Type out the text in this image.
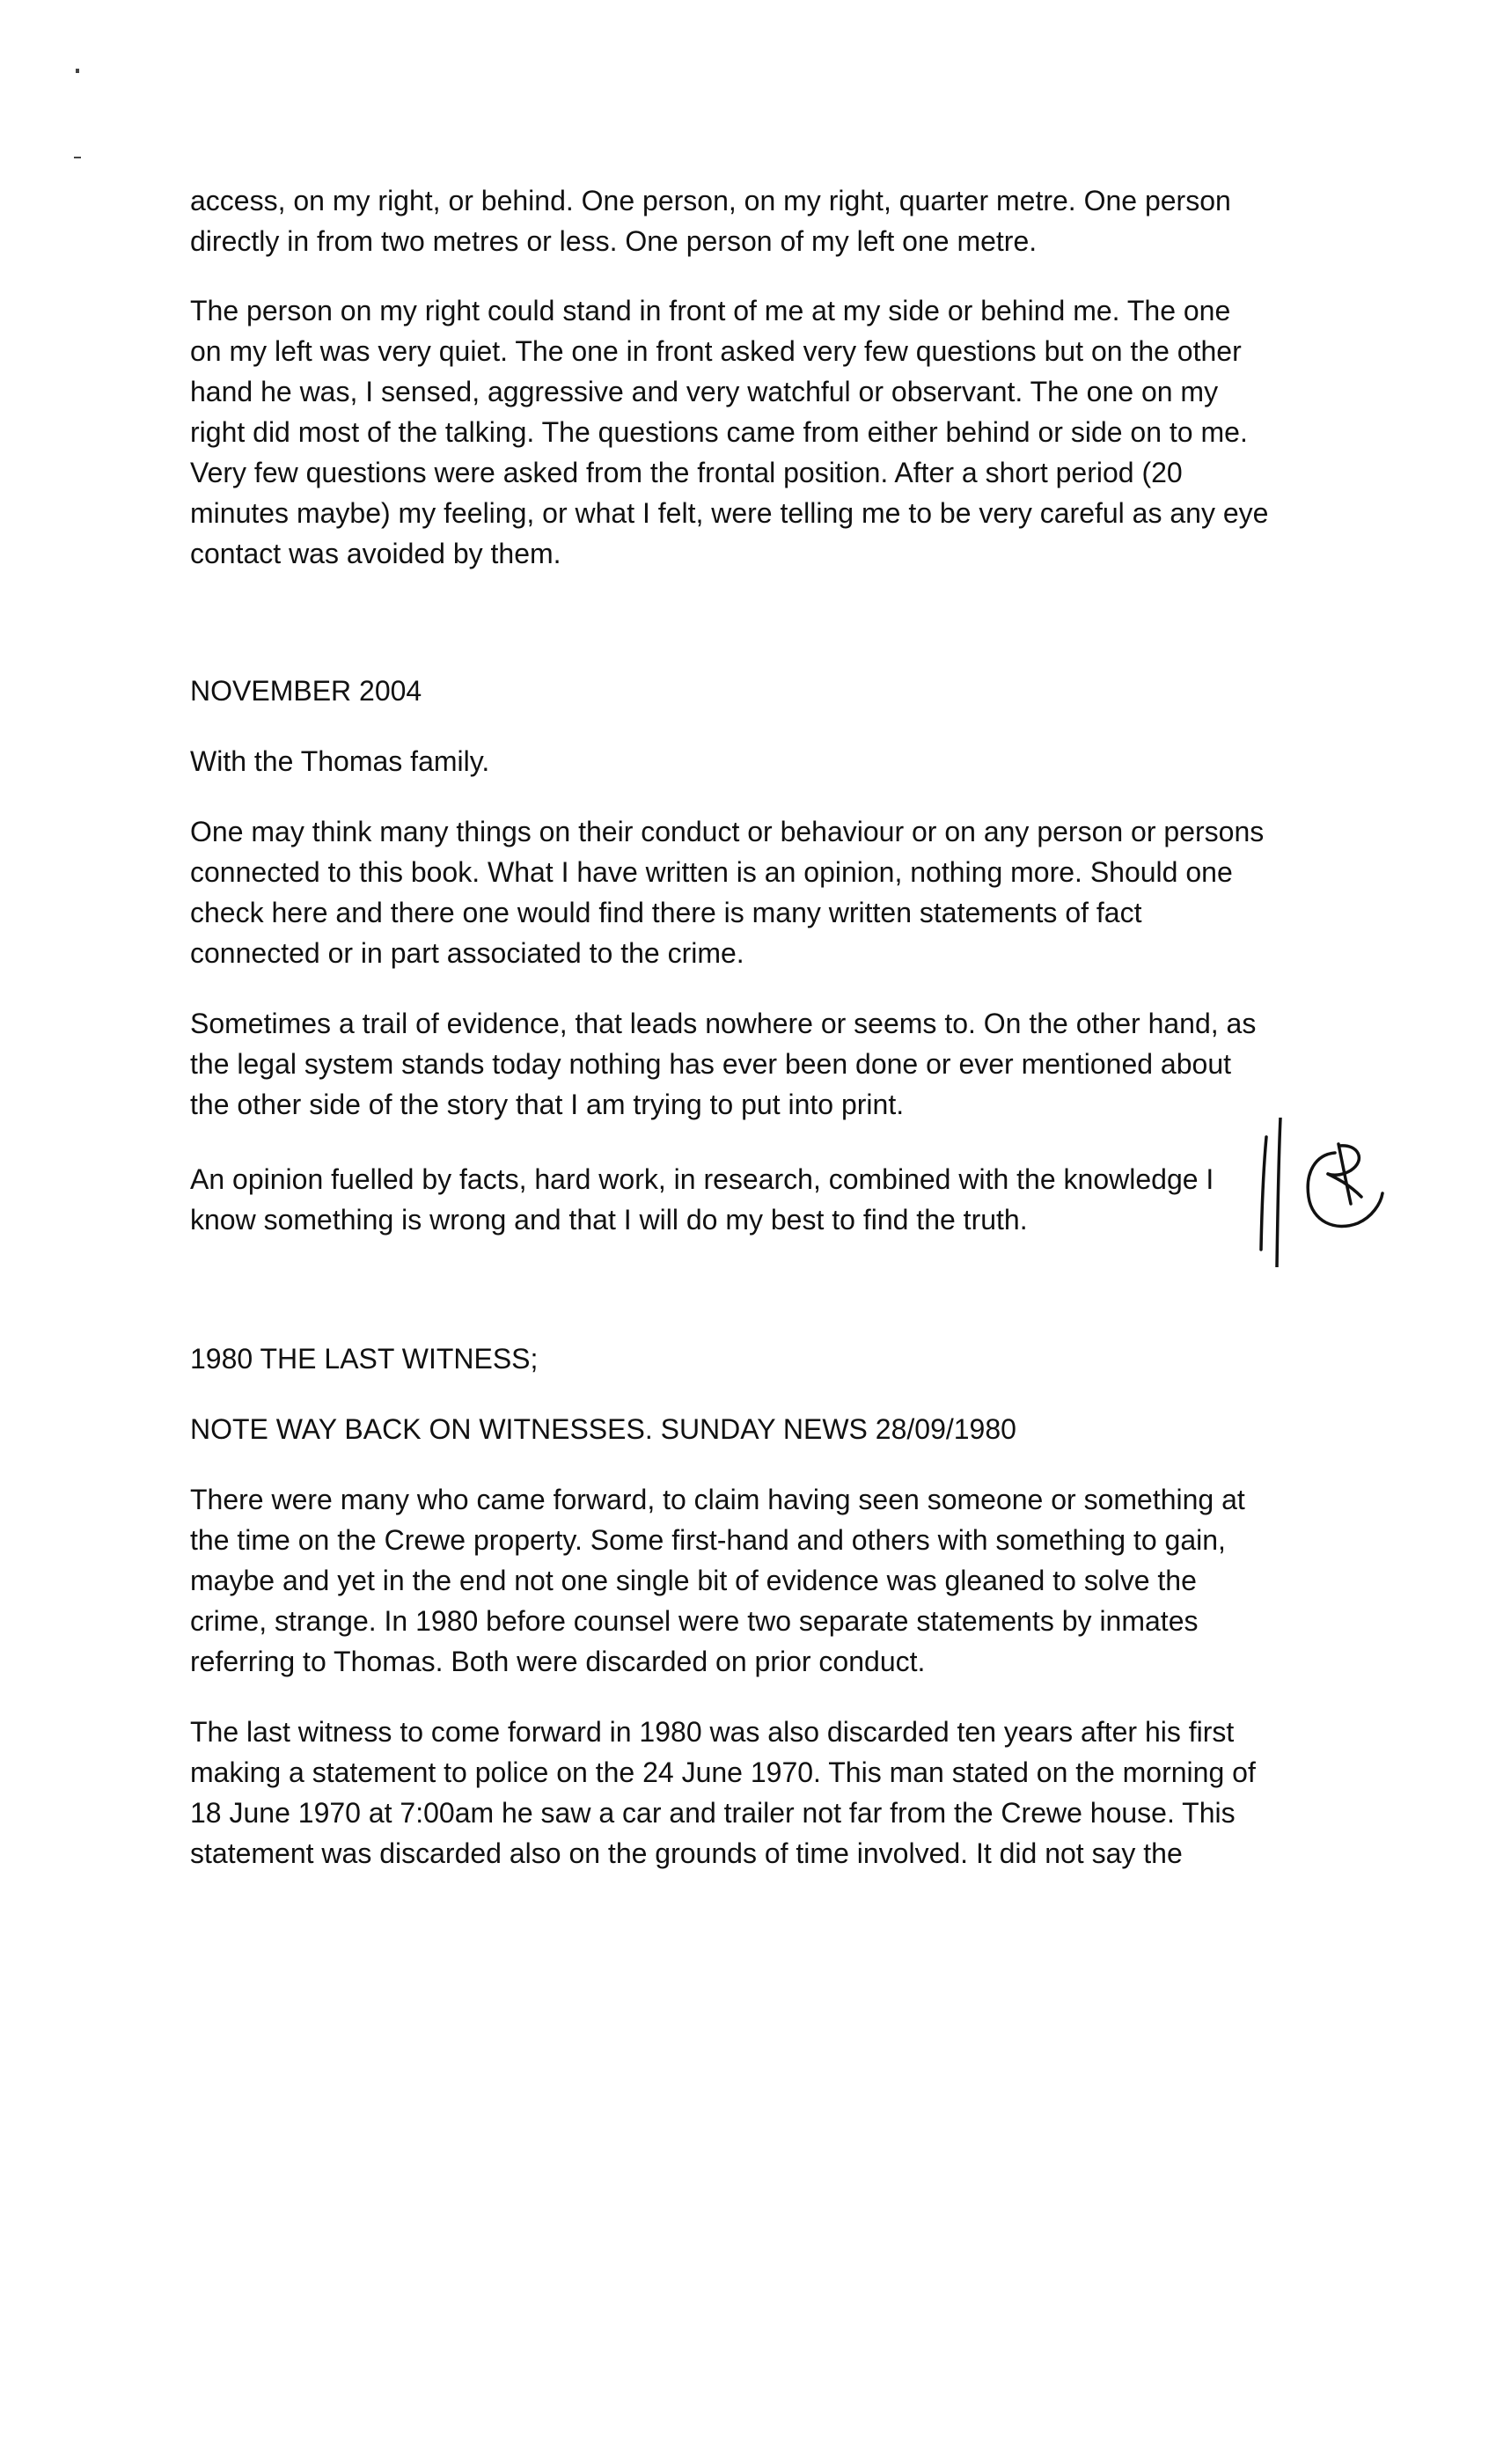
access, on my right, or behind. One person, on my right, quarter metre. One person
directly in from two metres or less. One person of my left one metre.
The person on my right could stand in front of me at my side or behind me. The one
on my left was very quiet. The one in front asked very few questions but on the other
hand he was, I sensed, aggressive and very watchful or observant. The one on my
right did most of the talking. The questions came from either behind or side on to me.
Very few questions were asked from the frontal position. After a short period (20
minutes maybe) my feeling, or what I felt, were telling me to be very careful as any eye
contact was avoided by them.
NOVEMBER 2004
With the Thomas family.
One may think many things on their conduct or behaviour or on any person or persons
connected to this book. What I have written is an opinion, nothing more. Should one
check here and there one would find there is many written statements of fact
connected or in part associated to the crime.
Sometimes a trail of evidence, that leads nowhere or seems to. On the other hand, as
the legal system stands today nothing has ever been done or ever mentioned about
the other side of the story that I am trying to put into print.
An opinion fuelled by facts, hard work, in research, combined with the knowledge I
know something is wrong and that I will do my best to find the truth.
1980 THE LAST WITNESS;
NOTE WAY BACK ON WITNESSES. SUNDAY NEWS 28/09/1980
There were many who came forward, to claim having seen someone or something at
the time on the Crewe property. Some first-hand and others with something to gain,
maybe and yet in the end not one single bit of evidence was gleaned to solve the
crime, strange. In 1980 before counsel were two separate statements by inmates
referring to Thomas. Both were discarded on prior conduct.
The last witness to come forward in 1980 was also discarded ten years after his first
making a statement to police on the 24 June 1970. This man stated on the morning of
18 June 1970 at 7:00am he saw a car and trailer not far from the Crewe house. This
statement was discarded also on the grounds of time involved. It did not say the
